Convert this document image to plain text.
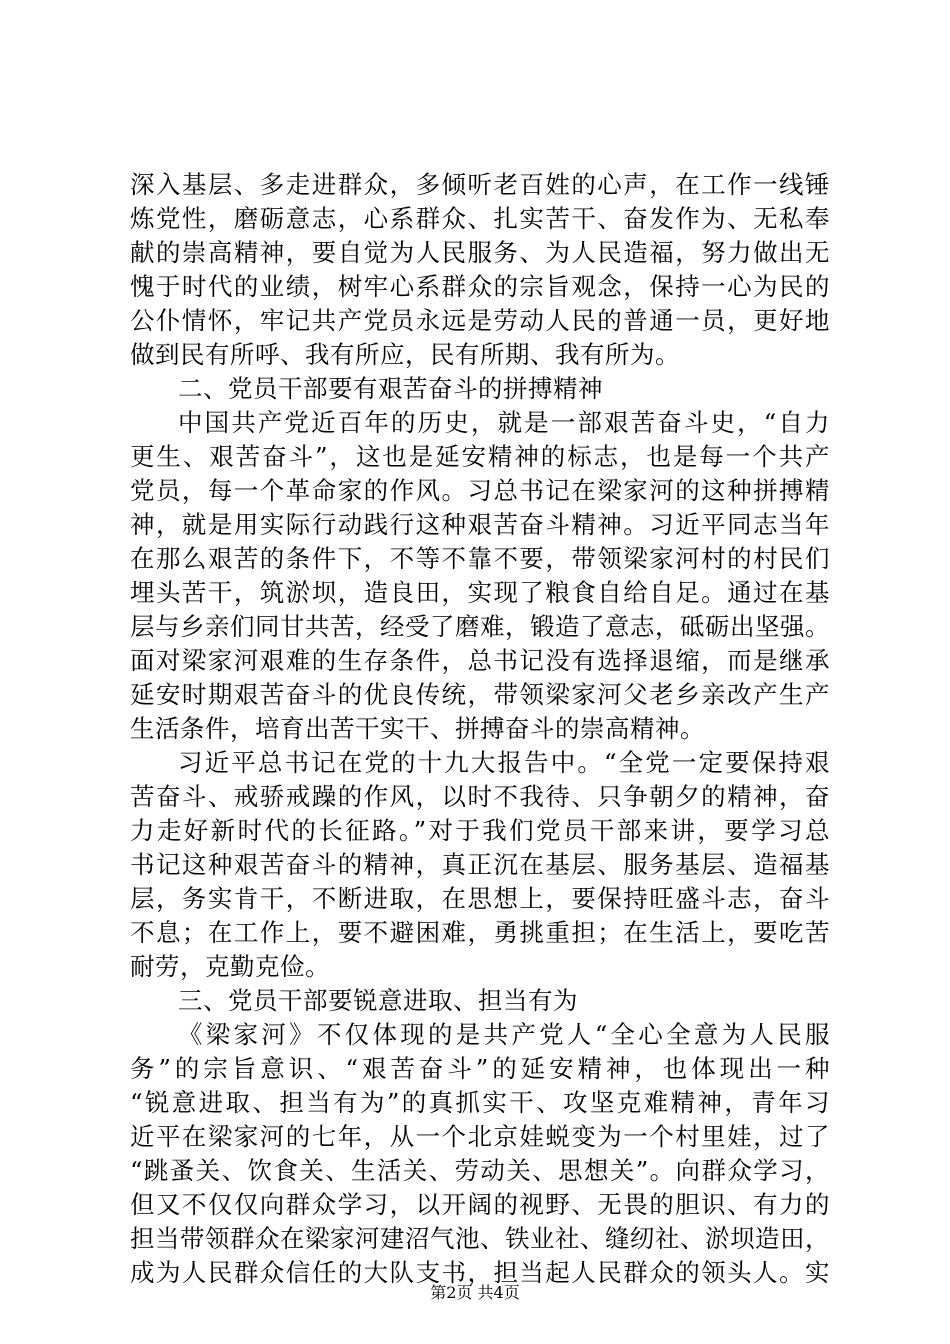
深入基层、多走进群众，多倾听老百姓的心声，在工作一线锤
炼党性，磨砺意志，心系群众、扎实苦干、奋发作为、无私奉
献的崇高精神，要自觉为人民服务、为人民造福，努力做出无
愧于时代的业绩，树牢心系群众的宗旨观念，保持一心为民的
公仆情怀，牢记共产党员永远是劳动人民的普通一员，更好地
做到民有所呼、我有所应，民有所期、我有所为。
二、党员干部要有艰苦奋斗的拼搏精神
中国共产党近百年的历史，就是一部艰苦奋斗史，“自力
更生、艰苦奋斗”，这也是延安精神的标志，也是每一个共产
党员，每一个革命家的作风。习总书记在梁家河的这种拼搏精
神，就是用实际行动践行这种艰苦奋斗精神。习近平同志当年
在那么艰苦的条件下，不等不靠不要，带领梁家河村的村民们
埋头苦干，筑淤坝，造良田，实现了粮食自给自足。通过在基
层与乡亲们同甘共苦，经受了磨难，锻造了意志，砥砺出坚强。
面对梁家河艰难的生存条件，总书记没有选择退缩，而是继承
延安时期艰苦奋斗的优良传统，带领梁家河父老乡亲改产生产
生活条件，培育出苦干实干、拼搏奋斗的崇高精神。
习近平总书记在党的十九大报告中。“全党一定要保持艰
苦奋斗、戒骄戒躁的作风，以时不我待、只争朝夕的精神，奋
力走好新时代的长征路。”对于我们党员干部来讲，要学习总
书记这种艰苦奋斗的精神，真正沉在基层、服务基层、造福基
层，务实肯干，不断进取，在思想上，要保持旺盛斗志，奋斗
不息；在工作上，要不避困难，勇挑重担；在生活上，要吃苦
耐劳，克勤克俭。
三、党员干部要锐意进取、担当有为
《梁家河》不仅体现的是共产党人“全心全意为人民服
务”的宗旨意识、“艰苦奋斗”的延安精神，也体现出一种
“锐意进取、担当有为”的真抓实干、攻坚克难精神，青年习
近平在梁家河的七年，从一个北京娃蜕变为一个村里娃，过了
“跳蚤关、饮食关、生活关、劳动关、思想关”。向群众学习，
但又不仅仅向群众学习，以开阔的视野、无畏的胆识、有力的
担当带领群众在梁家河建沼气池、铁业社、缝纫社、淤坝造田，
成为人民群众信任的大队支书，担当起人民群众的领头人。实
第2页 共4页
